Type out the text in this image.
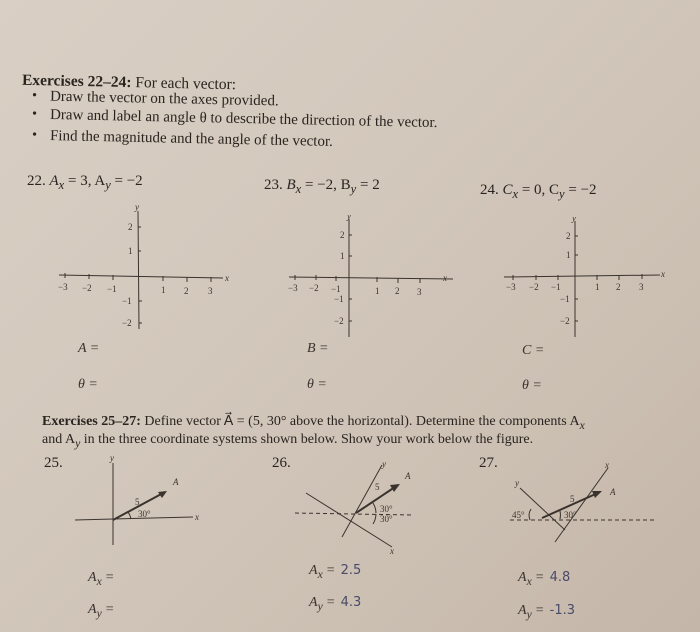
Exercises 22–24: For each vector:
• Draw the vector on the axes provided.
• Draw and label an angle θ to describe the direction of the vector.
• Find the magnitude and the angle of the vector.
22. $A_x = 3$, $A_y = -2$	23. $B_x = -2$, $B_y = 2$	24. $C_x = 0$, $C_y = -2$
−3 −2 −1	1 2 3
2
1
−1
−2
x
y
−3 −2 −1	1 2 3
2
1
−1
−2
x
y
−3 −2 −1	1 2 3
2
1
−1
−2
x
y
A =
θ =
B =
θ =
C =
θ =
Exercises 25–27: Define vector A⃗ = (5, 30° above the horizontal). Determine the components $A_x$
and $A_y$ in the three coordinate systems shown below. Show your work below the figure.
25.	y
x
5
30°
A⃗
26.	y
x
5
30°
30°
A⃗
27.
y
x
5
45°	30°
A⃗
$A_x$ =
$A_y$ =
$A_x = 2.5$
$A_y = 4.3$
$A_x = 4.8$
$A_y = -1.3$
